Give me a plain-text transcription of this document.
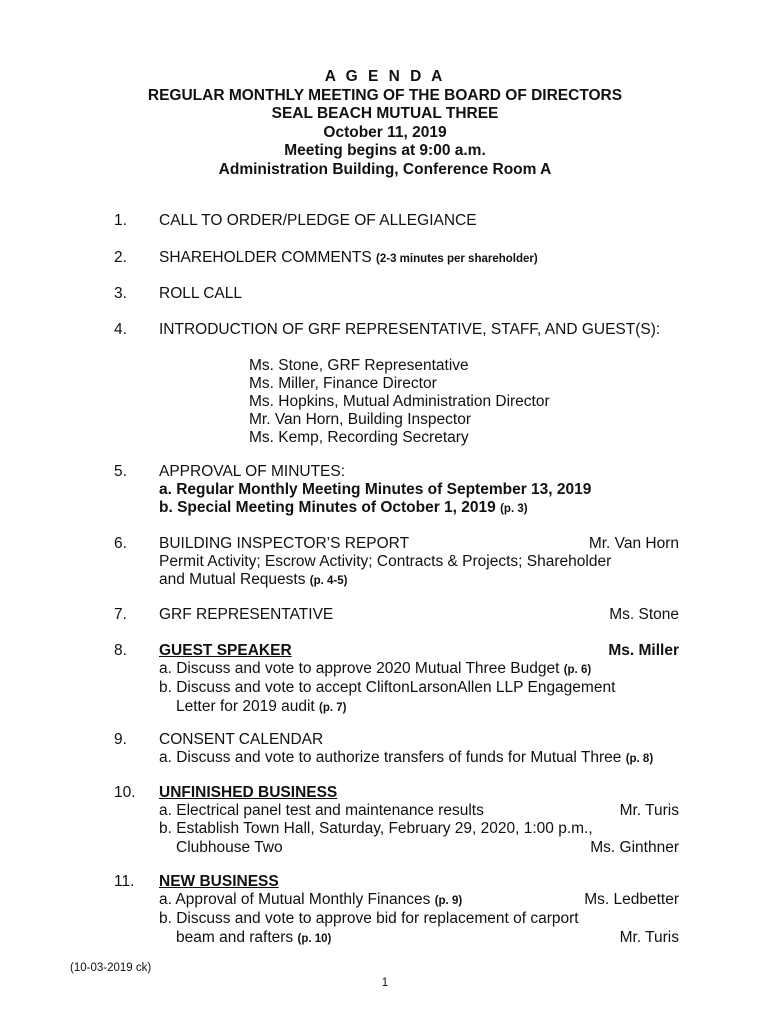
A G E N D A
REGULAR MONTHLY MEETING OF THE BOARD OF DIRECTORS
SEAL BEACH MUTUAL THREE
October 11, 2019
Meeting begins at 9:00 a.m.
Administration Building, Conference Room A
1. CALL TO ORDER/PLEDGE OF ALLEGIANCE
2. SHAREHOLDER COMMENTS (2-3 minutes per shareholder)
3. ROLL CALL
4. INTRODUCTION OF GRF REPRESENTATIVE, STAFF, AND GUEST(S):
Ms. Stone, GRF Representative
Ms. Miller, Finance Director
Ms. Hopkins, Mutual Administration Director
Mr. Van Horn, Building Inspector
Ms. Kemp, Recording Secretary
5. APPROVAL OF MINUTES:
a. Regular Monthly Meeting Minutes of September 13, 2019
b. Special Meeting Minutes of October 1, 2019 (p. 3)
6. BUILDING INSPECTOR’S REPORT	Mr. Van Horn
Permit Activity; Escrow Activity; Contracts & Projects; Shareholder
and Mutual Requests (p. 4-5)
7. GRF REPRESENTATIVE	Ms. Stone
8. GUEST SPEAKER	Ms. Miller
a. Discuss and vote to approve 2020 Mutual Three Budget (p. 6)
b. Discuss and vote to accept CliftonLarsonAllen LLP Engagement
Letter for 2019 audit (p. 7)
9. CONSENT CALENDAR
a. Discuss and vote to authorize transfers of funds for Mutual Three (p. 8)
10. UNFINISHED BUSINESS
a. Electrical panel test and maintenance results	Mr. Turis
b. Establish Town Hall, Saturday, February 29, 2020, 1:00 p.m.,
Clubhouse Two	Ms. Ginthner
11. NEW BUSINESS
a. Approval of Mutual Monthly Finances (p. 9)	Ms. Ledbetter
b. Discuss and vote to approve bid for replacement of carport
beam and rafters (p. 10)	Mr. Turis
(10-03-2019 ck)
1
